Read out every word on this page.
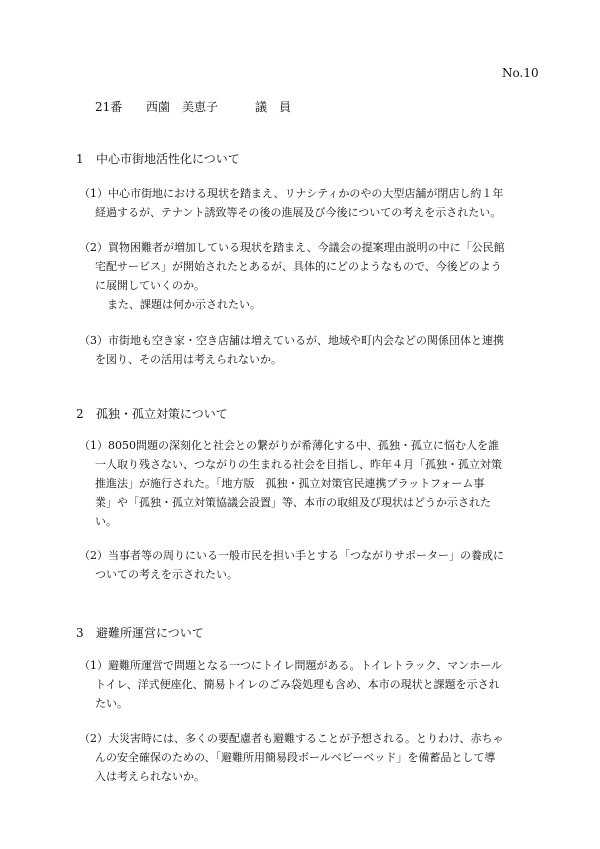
No.10
21番 西薗　美恵子	議　員
1 中心市街地活性化について
（1）中心市街地における現状を踏まえ、リナシティかのやの大型店舗が閉店し約１年
経過するが、テナント誘致等その後の進展及び今後についての考えを示されたい。
（2）買物困難者が増加している現状を踏まえ、今議会の提案理由説明の中に「公民館
宅配サービス」が開始されたとあるが、具体的にどのようなもので、今後どのよう
に展開していくのか。
また、課題は何か示されたい。
（3）市街地も空き家・空き店舗は増えているが、地域や町内会などの関係団体と連携
を図り、その活用は考えられないか。
2 孤独・孤立対策について
（1）8050問題の深刻化と社会との繋がりが希薄化する中、孤独・孤立に悩む人を誰
一人取り残さない、つながりの生まれる社会を目指し、昨年４月「孤独・孤立対策
推進法」が施行された。「地方版　孤独・孤立対策官民連携プラットフォーム事
業」や「孤独・孤立対策協議会設置」等、本市の取組及び現状はどうか示された
い。
（2）当事者等の周りにいる一般市民を担い手とする「つながりサポーター」の養成に
ついての考えを示されたい。
3 避難所運営について
（1）避難所運営で問題となる一つにトイレ問題がある。トイレトラック、マンホール
トイレ、洋式便座化、簡易トイレのごみ袋処理も含め、本市の現状と課題を示され
たい。
（2）大災害時には、多くの要配慮者も避難することが予想される。とりわけ、赤ちゃ
んの安全確保のための、「避難所用簡易段ボールベビーベッド」を備蓄品として導
入は考えられないか。
